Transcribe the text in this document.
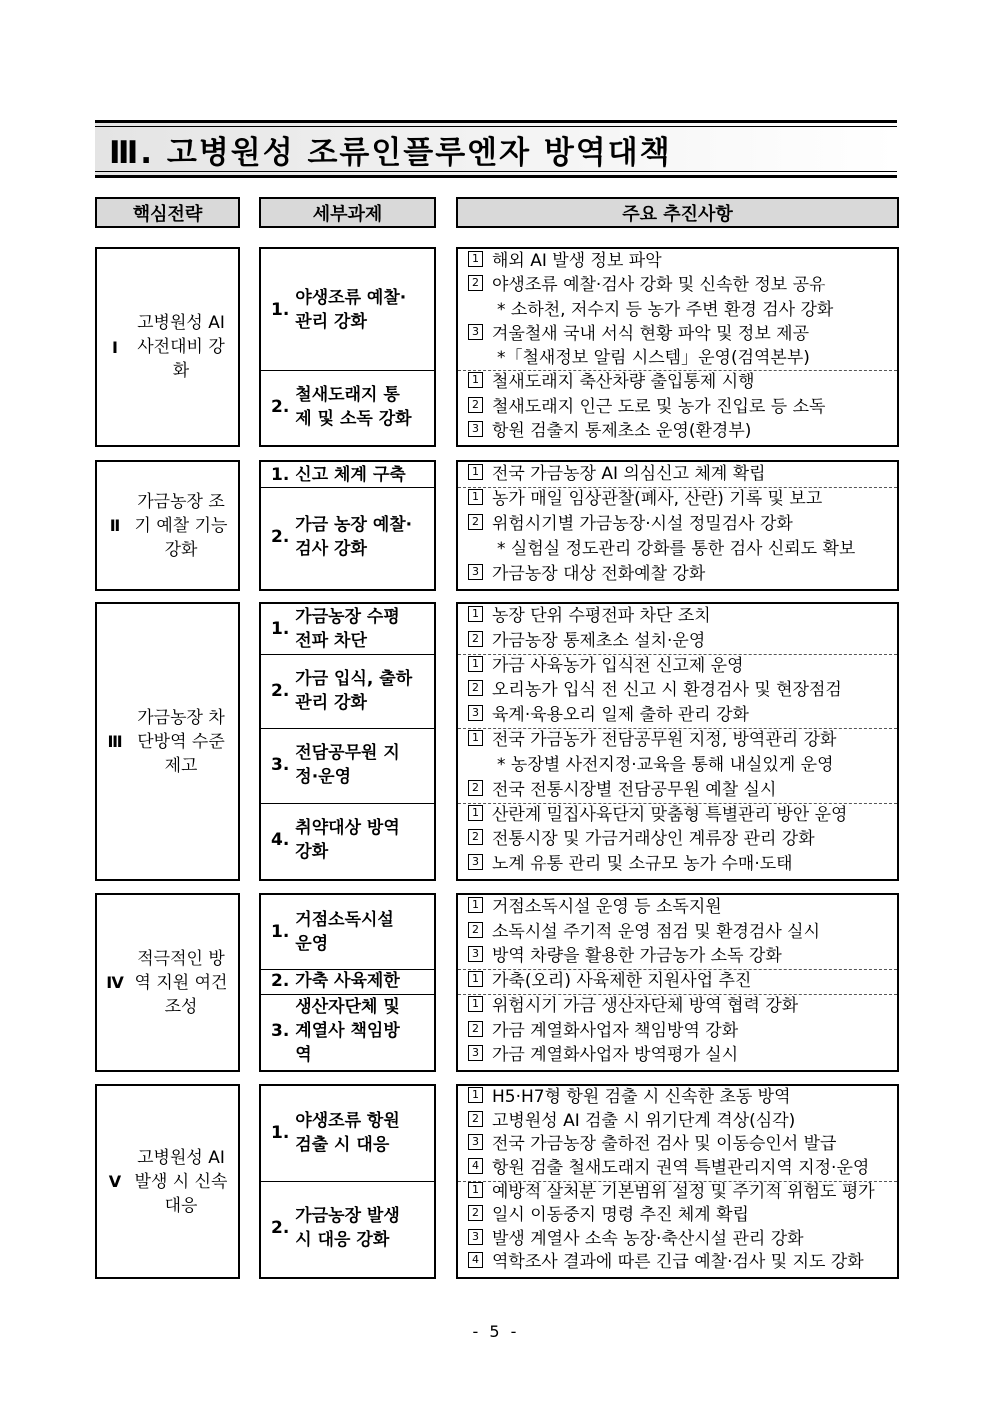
Ⅲ. 고병원성 조류인플루엔자 방역대책
핵심전략	세부과제	주요 추진사항
Ⅰ
고병원성 AI 사전대비 강화
1.
야생조류 예찰·관리 강화
2.
철새도래지 통제 및 소독 강화
1 해외 AI 발생 정보 파악
2 야생조류 예찰·검사 강화 및 신속한 정보 공유
* 소하천, 저수지 등 농가 주변 환경 검사 강화
3 겨울철새 국내 서식 현황 파악 및 정보 제공
*「철새정보 알림 시스템」운영(검역본부)
1 철새도래지 축산차량 출입통제 시행
2 철새도래지 인근 도로 및 농가 진입로 등 소독
3 항원 검출지 통제초소 운영(환경부)
Ⅱ
가금농장 조기 예찰 기능 강화
1. 신고 체계 구축
2.
가금 농장 예찰·검사 강화
1 전국 가금농장 AI 의심신고 체계 확립
1 농가 매일 임상관찰(폐사, 산란) 기록 및 보고
2 위험시기별 가금농장·시설 정밀검사 강화
* 실험실 정도관리 강화를 통한 검사 신뢰도 확보
3 가금농장 대상 전화예찰 강화
Ⅲ
가금농장 차단방역 수준 제고
1.
가금농장 수평전파 차단
2.
가금 입식, 출하 관리 강화
3.
전담공무원 지정·운영
4.
취약대상 방역 강화
1 농장 단위 수평전파 차단 조치
2 가금농장 통제초소 설치·운영
1 가금 사육농가 입식전 신고제 운영
2 오리농가 입식 전 신고 시 환경검사 및 현장점검
3 육계·육용오리 일제 출하 관리 강화
1 전국 가금농가 전담공무원 지정, 방역관리 강화
* 농장별 사전지정·교육을 통해 내실있게 운영
2 전국 전통시장별 전담공무원 예찰 실시
1 산란계 밀집사육단지 맞춤형 특별관리 방안 운영
2 전통시장 및 가금거래상인 계류장 관리 강화
3 노계 유통 관리 및 소규모 농가 수매·도태
Ⅳ
적극적인 방역 지원 여건 조성
1.
거점소독시설 운영
2. 가축 사육제한
3.
생산자단체 및 계열사 책임방역
1 거점소독시설 운영 등 소독지원
2 소독시설 주기적 운영 점검 및 환경검사 실시
3 방역 차량을 활용한 가금농가 소독 강화
1 가축(오리) 사육제한 지원사업 추진
1 위험시기 가금 생산자단체 방역 협력 강화
2 가금 계열화사업자 책임방역 강화
3 가금 계열화사업자 방역평가 실시
Ⅴ
고병원성 AI 발생 시 신속 대응
1.
야생조류 항원 검출 시 대응
2.
가금농장 발생시 대응 강화
1 H5·H7형 항원 검출 시 신속한 초동 방역
2 고병원성 AI 검출 시 위기단계 격상(심각)
3 전국 가금농장 출하전 검사 및 이동승인서 발급
4 항원 검출 철새도래지 권역 특별관리지역 지정·운영
1 예방적 살처분 기본범위 설정 및 주기적 위험도 평가
2 일시 이동중지 명령 추진 체계 확립
3 발생 계열사 소속 농장·축산시설 관리 강화
4 역학조사 결과에 따른 긴급 예찰·검사 및 지도 강화
- 5 -
